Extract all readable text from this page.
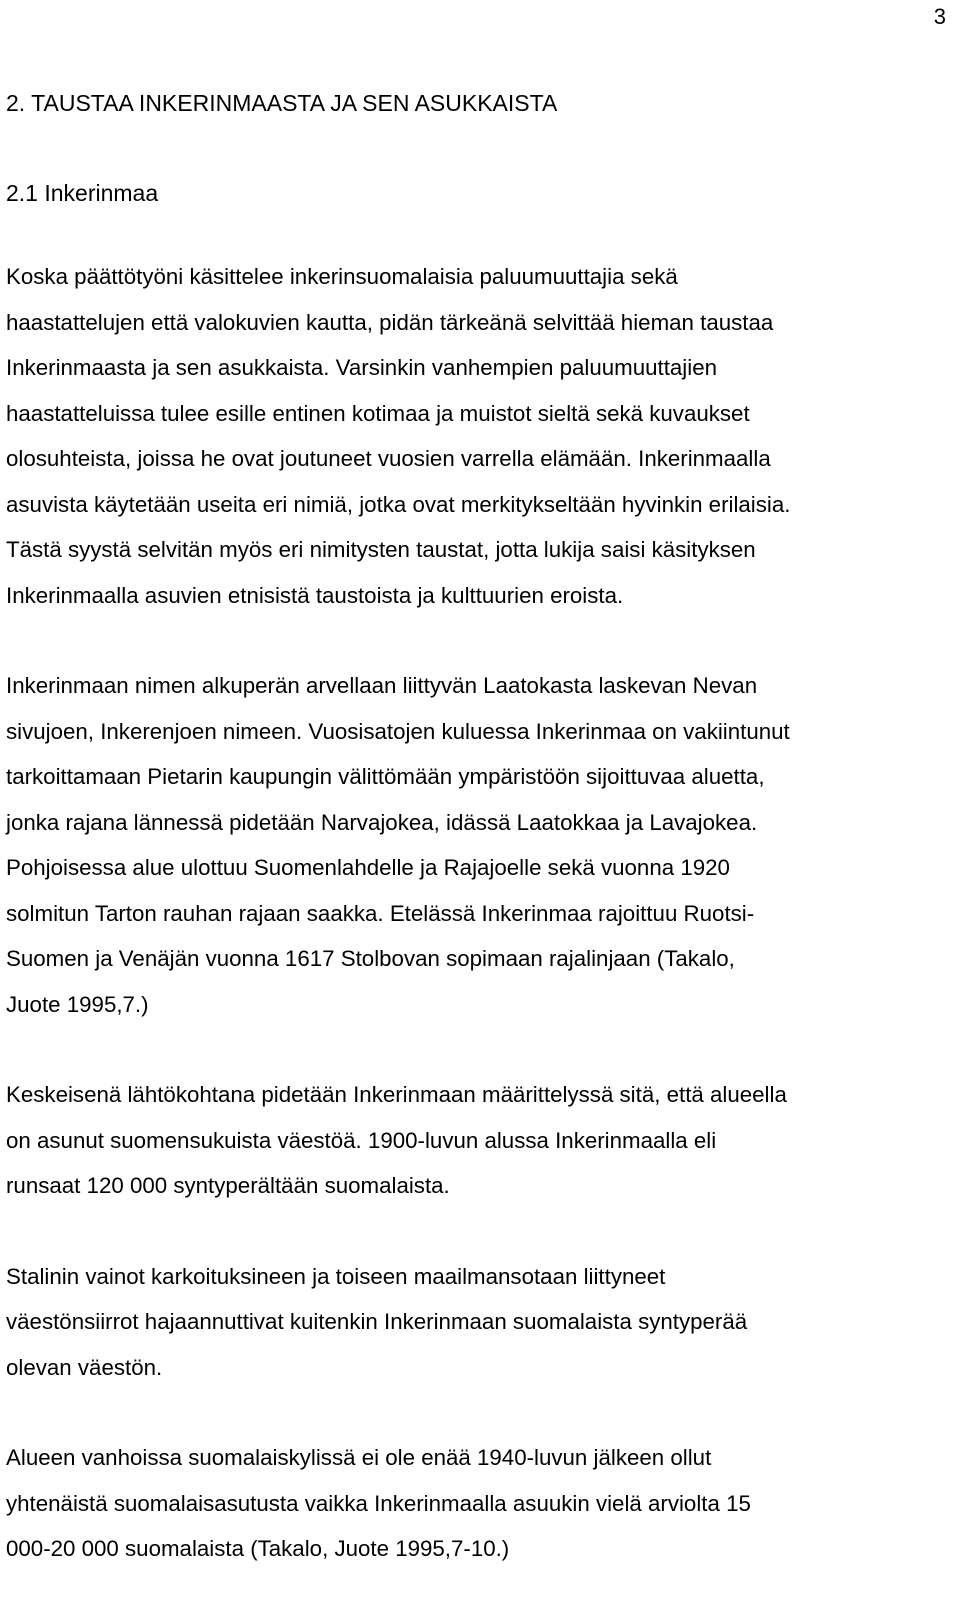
3
2. TAUSTAA INKERINMAASTA JA SEN ASUKKAISTA
2.1 Inkerinmaa

Koska päättötyöni käsittelee inkerinsuomalaisia paluumuuttajia sekä
haastattelujen että valokuvien kautta, pidän tärkeänä selvittää hieman taustaa
Inkerinmaasta ja sen asukkaista. Varsinkin vanhempien paluumuuttajien
haastatteluissa tulee esille entinen kotimaa ja muistot sieltä sekä kuvaukset
olosuhteista, joissa he ovat joutuneet vuosien varrella elämään. Inkerinmaalla
asuvista käytetään useita eri nimiä, jotka ovat merkitykseltään hyvinkin erilaisia.
Tästä syystä selvitän myös eri nimitysten taustat, jotta lukija saisi käsityksen
Inkerinmaalla asuvien etnisistä taustoista ja kulttuurien eroista.

Inkerinmaan nimen alkuperän arvellaan liittyvän Laatokasta laskevan Nevan
sivujoen, Inkerenjoen nimeen. Vuosisatojen kuluessa Inkerinmaa on vakiintunut
tarkoittamaan Pietarin kaupungin välittömään ympäristöön sijoittuvaa aluetta,
jonka rajana lännessä pidetään Narvajokea, idässä Laatokkaa ja Lavajokea.
Pohjoisessa alue ulottuu Suomenlahdelle ja Rajajoelle sekä vuonna 1920
solmitun Tarton rauhan rajaan saakka. Etelässä Inkerinmaa rajoittuu Ruotsi-
Suomen ja Venäjän vuonna 1617 Stolbovan sopimaan rajalinjaan (Takalo,
Juote 1995,7.)

Keskeisenä lähtökohtana pidetään Inkerinmaan määrittelyssä sitä, että alueella
on asunut suomensukuista väestöä. 1900-luvun alussa Inkerinmaalla eli
runsaat 120 000 syntyperältään suomalaista.

Stalinin vainot karkoituksineen ja toiseen maailmansotaan liittyneet
väestönsiirrot hajaannuttivat kuitenkin Inkerinmaan suomalaista syntyperää
olevan väestön.

Alueen vanhoissa suomalaiskylissä ei ole enää 1940-luvun jälkeen ollut
yhtenäistä suomalaisasutusta vaikka Inkerinmaalla asuukin vielä arviolta 15
000-20 000 suomalaista (Takalo, Juote 1995,7-10.)
